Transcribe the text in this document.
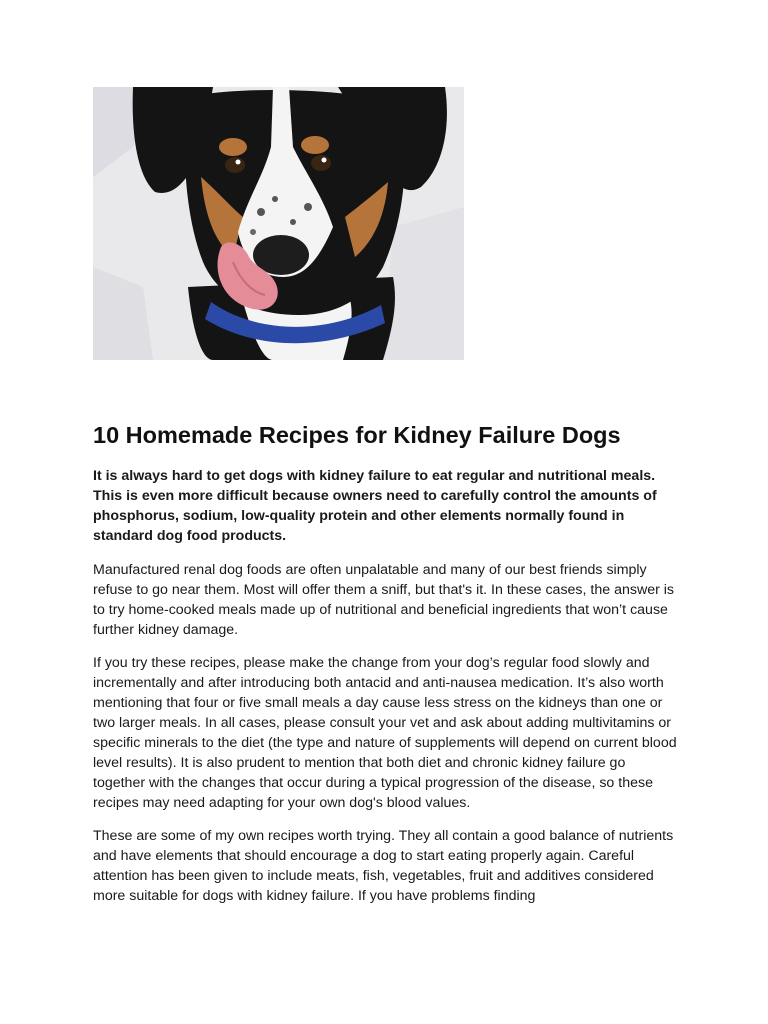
10 Homemade Recipes for Kidney Failure Dogs

It is always hard to get dogs with kidney failure to eat regular and nutritional meals. This is even more difficult because owners need to carefully control the amounts of phosphorus, sodium, low-quality protein and other elements normally found in standard dog food products.

Manufactured renal dog foods are often unpalatable and many of our best friends simply refuse to go near them. Most will offer them a sniff, but that's it. In these cases, the answer is to try home-cooked meals made up of nutritional and beneficial ingredients that won’t cause further kidney damage.

If you try these recipes, please make the change from your dog’s regular food slowly and incrementally and after introducing both antacid and anti-nausea medication. It’s also worth mentioning that four or five small meals a day cause less stress on the kidneys than one or two larger meals. In all cases, please consult your vet and ask about adding multivitamins or specific minerals to the diet (the type and nature of supplements will depend on current blood level results). It is also prudent to mention that both diet and chronic kidney failure go together with the changes that occur during a typical progression of the disease, so these recipes may need adapting for your own dog's blood values.

These are some of my own recipes worth trying. They all contain a good balance of nutrients and have elements that should encourage a dog to start eating properly again. Careful attention has been given to include meats, fish, vegetables, fruit and additives considered more suitable for dogs with kidney failure. If you have problems finding
